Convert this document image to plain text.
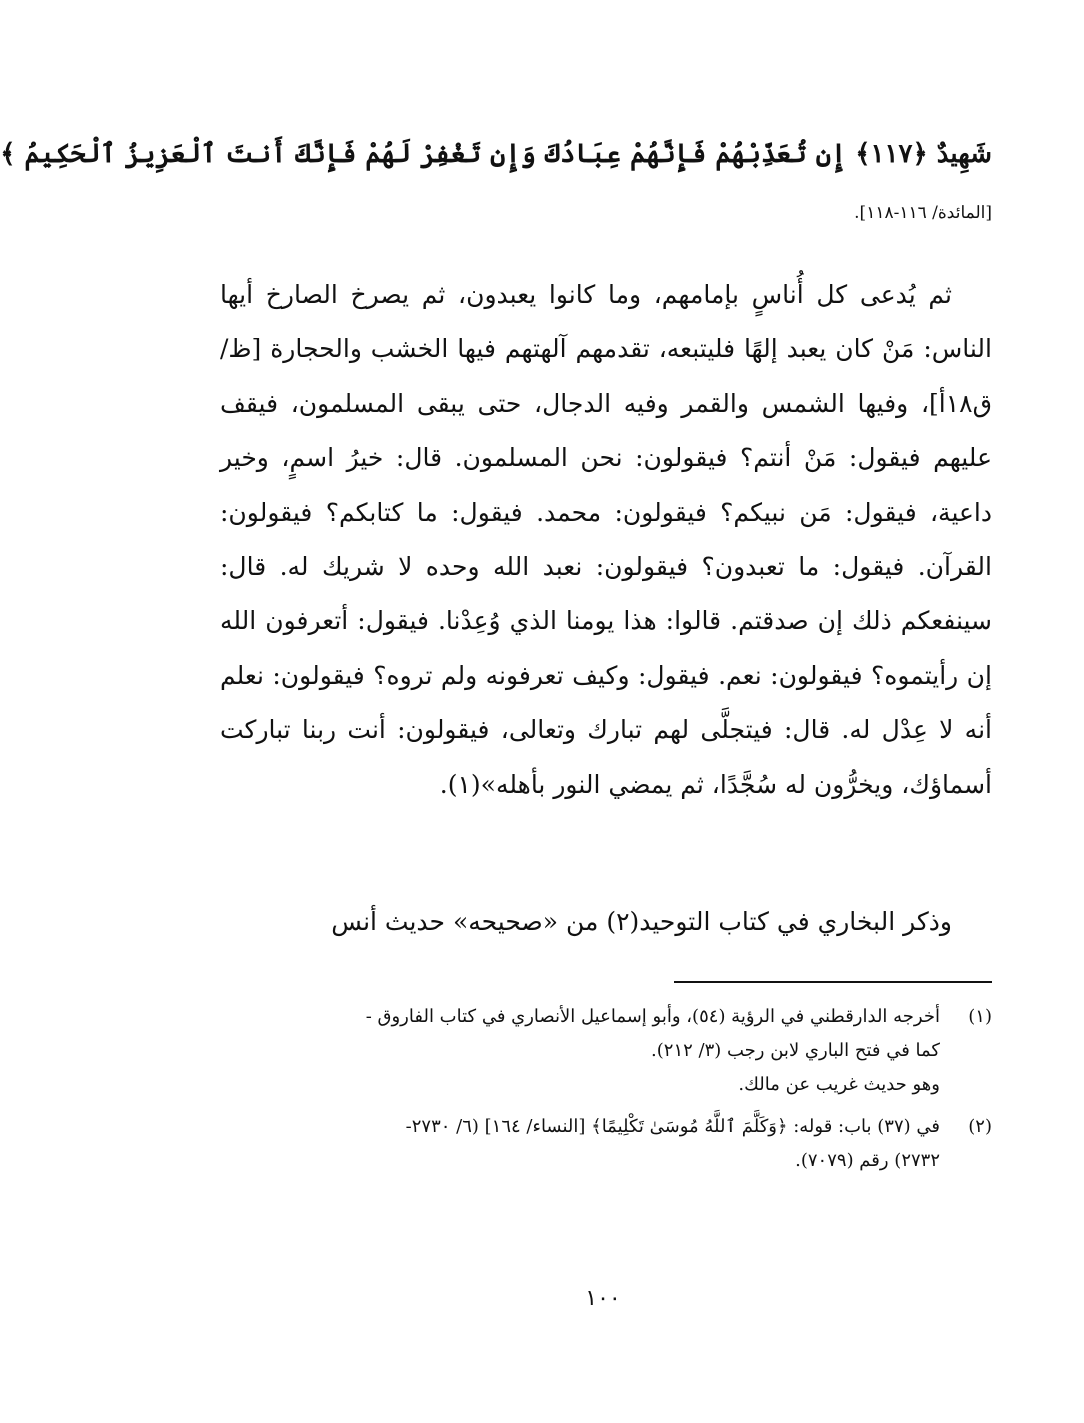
شَهِيدٌ ﴿١١٧﴾ إِن تُعَذِّبْهُمْ فَإِنَّهُمْ عِبَادُكَ وَإِن تَغْفِرْ لَهُمْ فَإِنَّكَ أَنتَ ٱلْعَزِيزُ ٱلْحَكِيمُ ﴾
[المائدة/ ١١٦-١١٨].

ثم يُدعى كل أُناسٍ بإمامهم، وما كانوا يعبدون، ثم يصرخ الصارخ أيها الناس: مَنْ كان يعبد إلهًا فليتبعه، تقدمهم آلهتهم فيها الخشب والحجارة [ظ/ ق١٨أ]، وفيها الشمس والقمر وفيه الدجال، حتى يبقى المسلمون، فيقف عليهم فيقول: مَنْ أنتم؟ فيقولون: نحن المسلمون. قال: خيرُ اسمٍ، وخير داعية، فيقول: مَن نبيكم؟ فيقولون: محمد. فيقول: ما كتابكم؟ فيقولون: القرآن. فيقول: ما تعبدون؟ فيقولون: نعبد الله وحده لا شريك له. قال: سينفعكم ذلك إن صدقتم. قالوا: هذا يومنا الذي وُعِدْنا. فيقول: أتعرفون الله إن رأيتموه؟ فيقولون: نعم. فيقول: وكيف تعرفونه ولم تروه؟ فيقولون: نعلم أنه لا عِدْل له. قال: فيتجلَّى لهم تبارك وتعالى، فيقولون: أنت ربنا تباركت أسماؤك، ويخرُّون له سُجَّدًا، ثم يمضي النور بأهله»(١).

وذكر البخاري في كتاب التوحيد(٢) من «صحيحه» حديث أنس

(١)
أخرجه الدارقطني في الرؤية (٥٤)، وأبو إسماعيل الأنصاري في كتاب الفاروق -
كما في فتح الباري لابن رجب (٣/ ٢١٢).
وهو حديث غريب عن مالك.
(٢)
في (٣٧) باب: قوله: ﴿وَكَلَّمَ ٱللَّهُ مُوسَىٰ تَكْلِيمًا﴾ [النساء/ ١٦٤] (٦/ ٢٧٣٠-
٢٧٣٢) رقم (٧٠٧٩).
١٠٠
